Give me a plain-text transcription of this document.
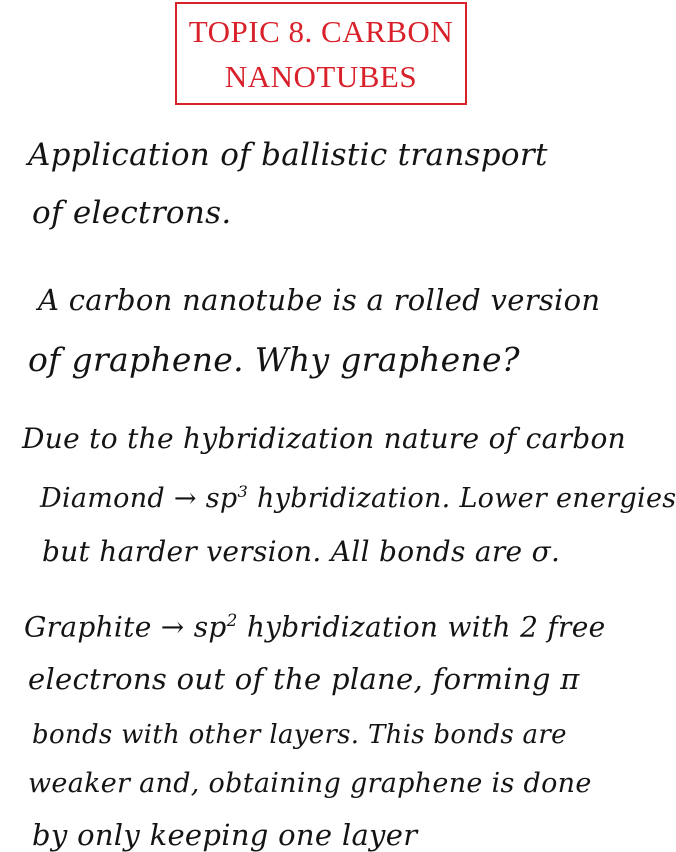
TOPIC 8. CARBON
NANOTUBES
Application of ballistic transport
of electrons.
A carbon nanotube is a rolled version
of graphene. Why graphene?
Due to the hybridization nature of carbon
Diamond → $sp^3$ hybridization. Lower energies
but harder version. All bonds are σ.
Graphite → $sp^2$ hybridization with 2 free
electrons out of the plane, forming π
bonds with other layers. This bonds are
weaker and, obtaining graphene is done
by only keeping one layer
